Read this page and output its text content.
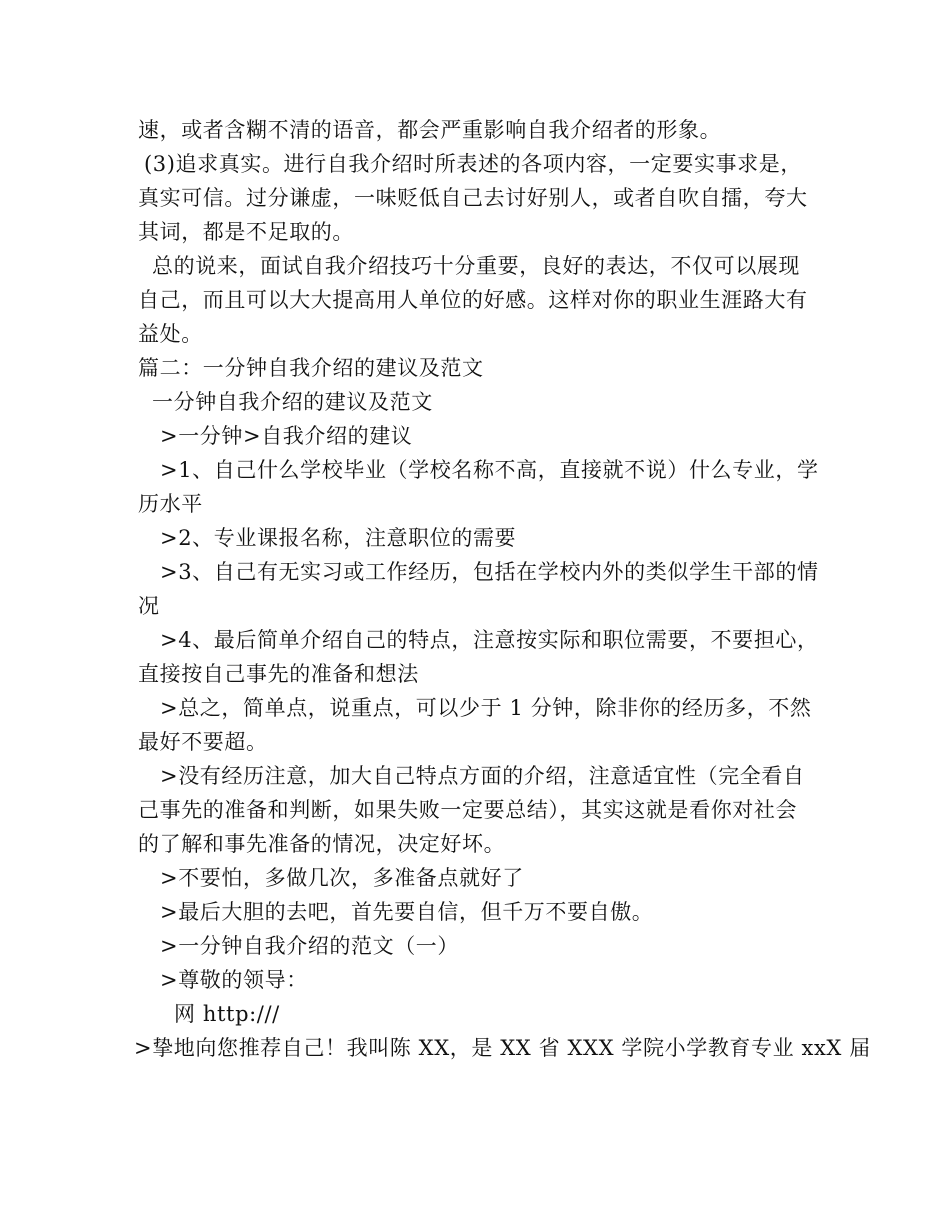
速，或者含糊不清的语音，都会严重影响自我介绍者的形象。
(3)追求真实。进行自我介绍时所表述的各项内容，一定要实事求是，
真实可信。过分谦虚，一味贬低自己去讨好别人，或者自吹自擂，夸大
其词，都是不足取的。
总的说来，面试自我介绍技巧十分重要，良好的表达，不仅可以展现
自己，而且可以大大提高用人单位的好感。这样对你的职业生涯路大有
益处。
篇二：一分钟自我介绍的建议及范文
一分钟自我介绍的建议及范文
>一分钟>自我介绍的建议
>1、自己什么学校毕业（学校名称不高，直接就不说）什么专业，学
历水平
>2、专业课报名称，注意职位的需要
>3、自己有无实习或工作经历，包括在学校内外的类似学生干部的情
况
>4、最后简单介绍自己的特点，注意按实际和职位需要，不要担心，
直接按自己事先的准备和想法
>总之，简单点，说重点，可以少于 1 分钟，除非你的经历多，不然
最好不要超。
>没有经历注意，加大自己特点方面的介绍，注意适宜性（完全看自
己事先的准备和判断，如果失败一定要总结），其实这就是看你对社会
的了解和事先准备的情况，决定好坏。
>不要怕，多做几次，多准备点就好了
>最后大胆的去吧，首先要自信，但千万不要自傲。
>一分钟自我介绍的范文（一）
>尊敬的领导：
网 http:///
>挚地向您推荐自己！我叫陈 XX，是 XX 省 XXX 学院小学教育专业 xxX 届
